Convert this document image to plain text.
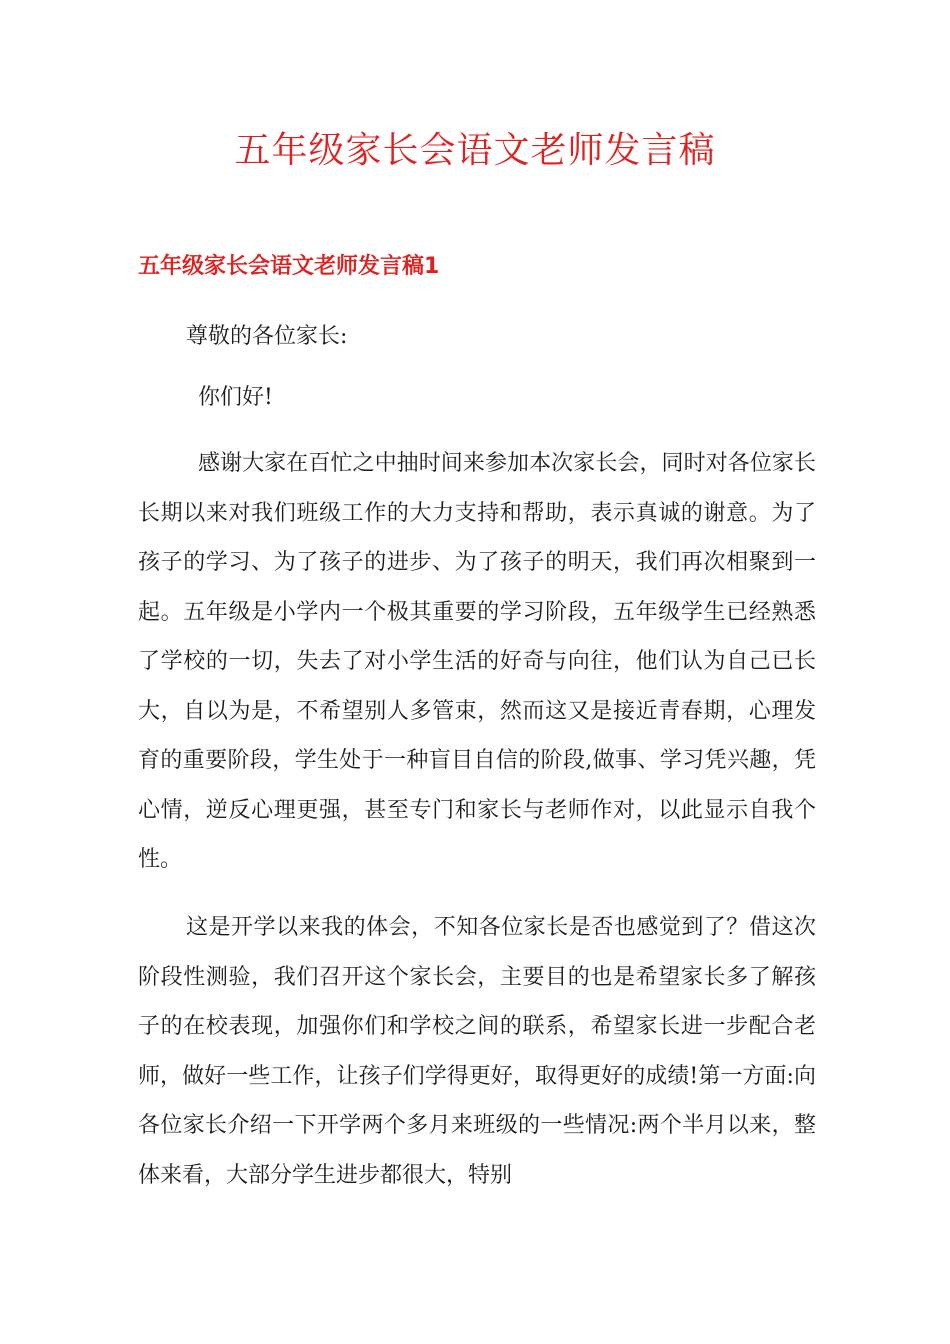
五年级家长会语文老师发言稿
五年级家长会语文老师发言稿1

尊敬的各位家长:

你们好!

感谢大家在百忙之中抽时间来参加本次家长会，同时对各位家长长期以来对我们班级工作的大力支持和帮助，表示真诚的谢意。为了孩子的学习、为了孩子的进步、为了孩子的明天，我们再次相聚到一起。五年级是小学内一个极其重要的学习阶段，五年级学生已经熟悉了学校的一切，失去了对小学生活的好奇与向往，他们认为自己已长大，自以为是，不希望别人多管束，然而这又是接近青春期，心理发育的重要阶段，学生处于一种盲目自信的阶段,做事、学习凭兴趣，凭心情，逆反心理更强，甚至专门和家长与老师作对，以此显示自我个性。

这是开学以来我的体会，不知各位家长是否也感觉到了？借这次阶段性测验，我们召开这个家长会，主要目的也是希望家长多了解孩子的在校表现，加强你们和学校之间的联系，希望家长进一步配合老师，做好一些工作，让孩子们学得更好，取得更好的成绩!第一方面:向各位家长介绍一下开学两个多月来班级的一些情况:两个半月以来，整体来看，大部分学生进步都很大，特别
